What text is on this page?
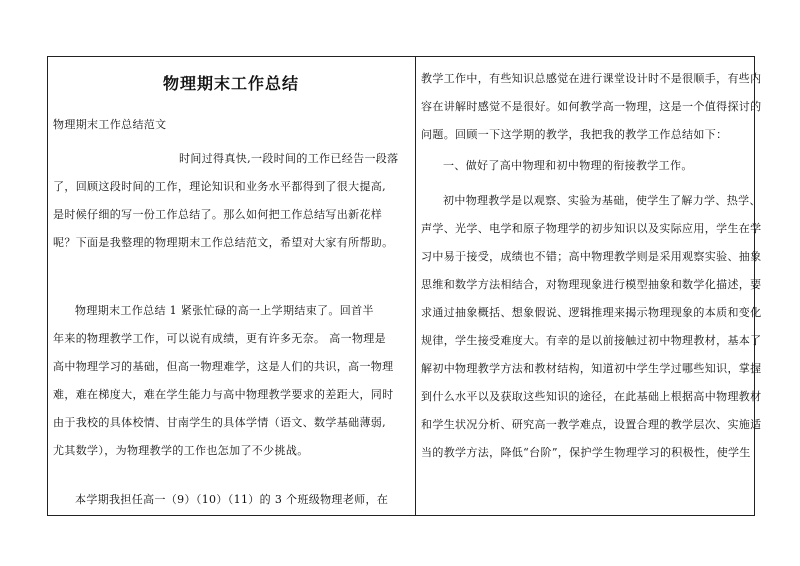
物理期末工作总结
物理期末工作总结范文
时间过得真快,一段时间的工作已经告一段落
了，回顾这段时间的工作，理论知识和业务水平都得到了很大提高,
是时候仔细的写一份工作总结了。那么如何把工作总结写出新花样
呢？下面是我整理的物理期末工作总结范文，希望对大家有所帮助。
物理期末工作总结 1 紧张忙碌的高一上学期结束了。回首半
年来的物理教学工作，可以说有成绩，更有许多无奈。 高一物理是
高中物理学习的基础，但高一物理难学，这是人们的共识，高一物理
难，难在梯度大，难在学生能力与高中物理教学要求的差距大，同时
由于我校的具体校情、甘南学生的具体学情（语文、数学基础薄弱,
尤其数学），为物理教学的工作也怎加了不少挑战。
本学期我担任高一（9）（10）（11）的 3 个班级物理老师，在
教学工作中，有些知识总感觉在进行课堂设计时不是很顺手，有些内
容在讲解时感觉不是很好。如何教学高一物理，这是一个值得探讨的
问题。回顾一下这学期的教学，我把我的教学工作总结如下：
一、做好了高中物理和初中物理的衔接教学工作。
初中物理教学是以观察、实验为基础，使学生了解力学、热学、
声学、光学、电学和原子物理学的初步知识以及实际应用，学生在学
习中易于接受，成绩也不错；高中物理教学则是采用观察实验、抽象
思维和数学方法相结合，对物理现象进行模型抽象和数学化描述，要
求通过抽象概括、想象假说、逻辑推理来揭示物理现象的本质和变化
规律，学生接受难度大。有幸的是以前接触过初中物理教材，基本了
解初中物理教学方法和教材结构，知道初中学生学过哪些知识，掌握
到什么水平以及获取这些知识的途径，在此基础上根据高中物理教材
和学生状况分析、研究高一教学难点，设置合理的教学层次、实施适
当的教学方法，降低“台阶”，保护学生物理学习的积极性，使学生
